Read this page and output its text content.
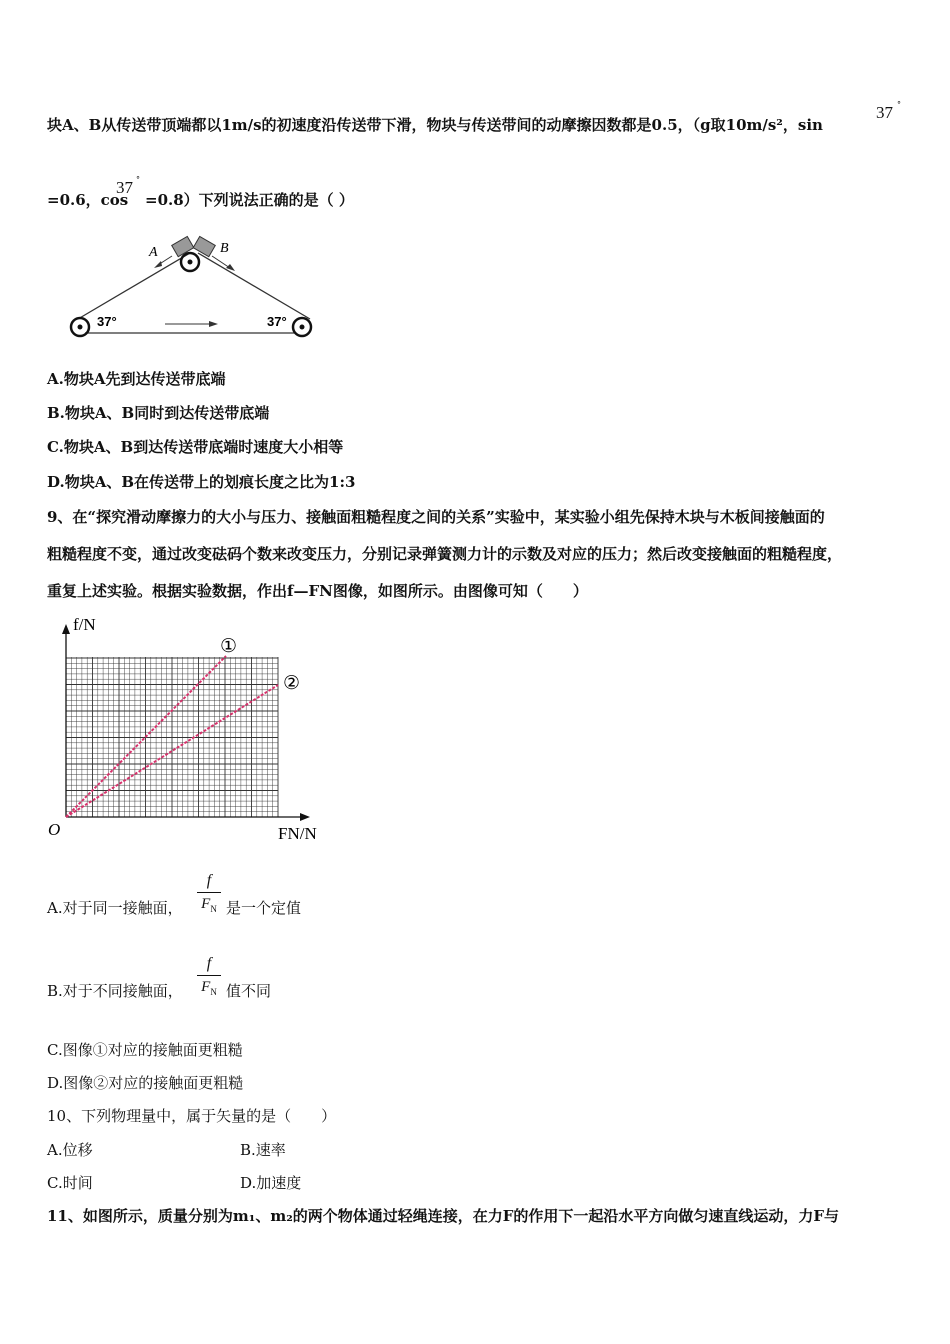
块A、B从传送带顶端都以1m/s的初速度沿传送带下滑，物块与传送带间的动摩擦因数都是0.5，（g取10m/s²，sin
37 °
=0.6，cos
37 °
=0.8）下列说法正确的是（ ）
A	B
37°	37°
A.物块A先到达传送带底端
B.物块A、B同时到达传送带底端
C.物块A、B到达传送带底端时速度大小相等
D.物块A、B在传送带上的划痕长度之比为1:3
9、在“探究滑动摩擦力的大小与压力、接触面粗糙程度之间的关系”实验中，某实验小组先保持木块与木板间接触面的
粗糙程度不变，通过改变砝码个数来改变压力，分别记录弹簧测力计的示数及对应的压力；然后改变接触面的粗糙程度，
重复上述实验。根据实验数据，作出f—FN图像，如图所示。由图像可知（　　）
f/N
FN/N
O
①
②
A.对于同一接触面，
f
$F_N$ 是一个定值
B.对于不同接触面，
f
$F_N$ 值不同
C.图像①对应的接触面更粗糙
D.图像②对应的接触面更粗糙
10、下列物理量中，属于矢量的是（　　）
A.位移	B.速率
C.时间	D.加速度
11、如图所示，质量分别为m₁、m₂的两个物体通过轻绳连接，在力F的作用下一起沿水平方向做匀速直线运动，力F与
